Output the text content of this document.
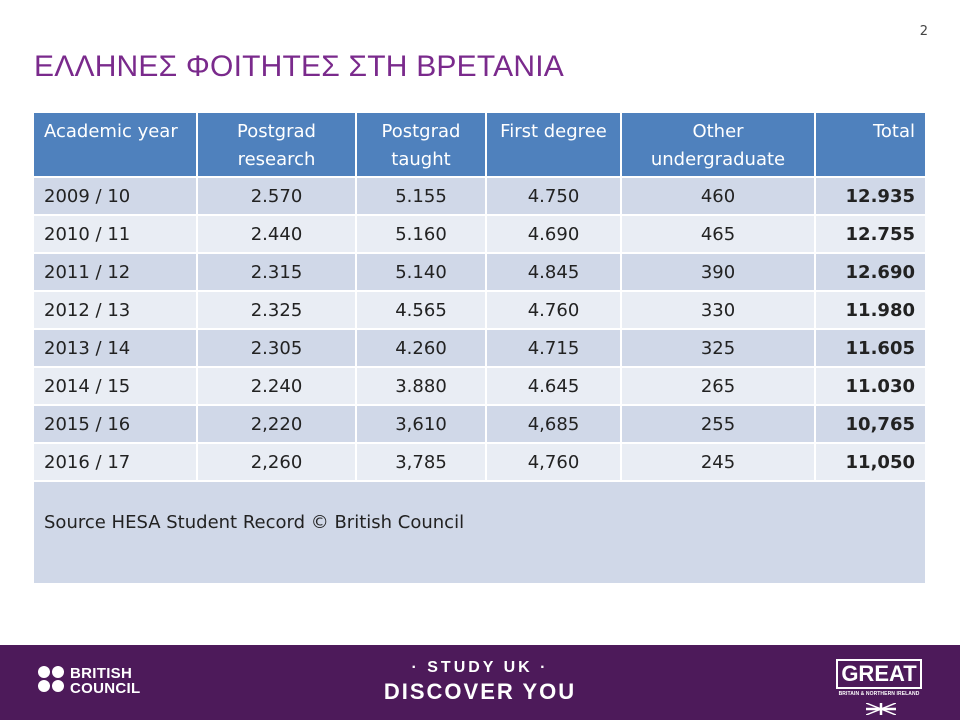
2
ΕΛΛΗΝΕΣ ΦΟΙΤΗΤΕΣ ΣΤΗ ΒΡΕΤΑΝΙΑ
Academic year	Postgrad research	Postgrad taught	First degree	Other undergraduate	Total
2009 / 10	2.570	5.155	4.750	460	12.935
2010 / 11	2.440	5.160	4.690	465	12.755
2011 / 12	2.315	5.140	4.845	390	12.690
2012 / 13	2.325	4.565	4.760	330	11.980
2013 / 14	2.305	4.260	4.715	325	11.605
2014 / 15	2.240	3.880	4.645	265	11.030
2015 / 16	2,220	3,610	4,685	255	10,765
2016 / 17	2,260	3,785	4,760	245	11,050
Source HESA Student Record © British Council					
BRITISH
COUNCIL
· STUDY UK ·
DISCOVER YOU
GREAT
BRITAIN & NORTHERN IRELAND
